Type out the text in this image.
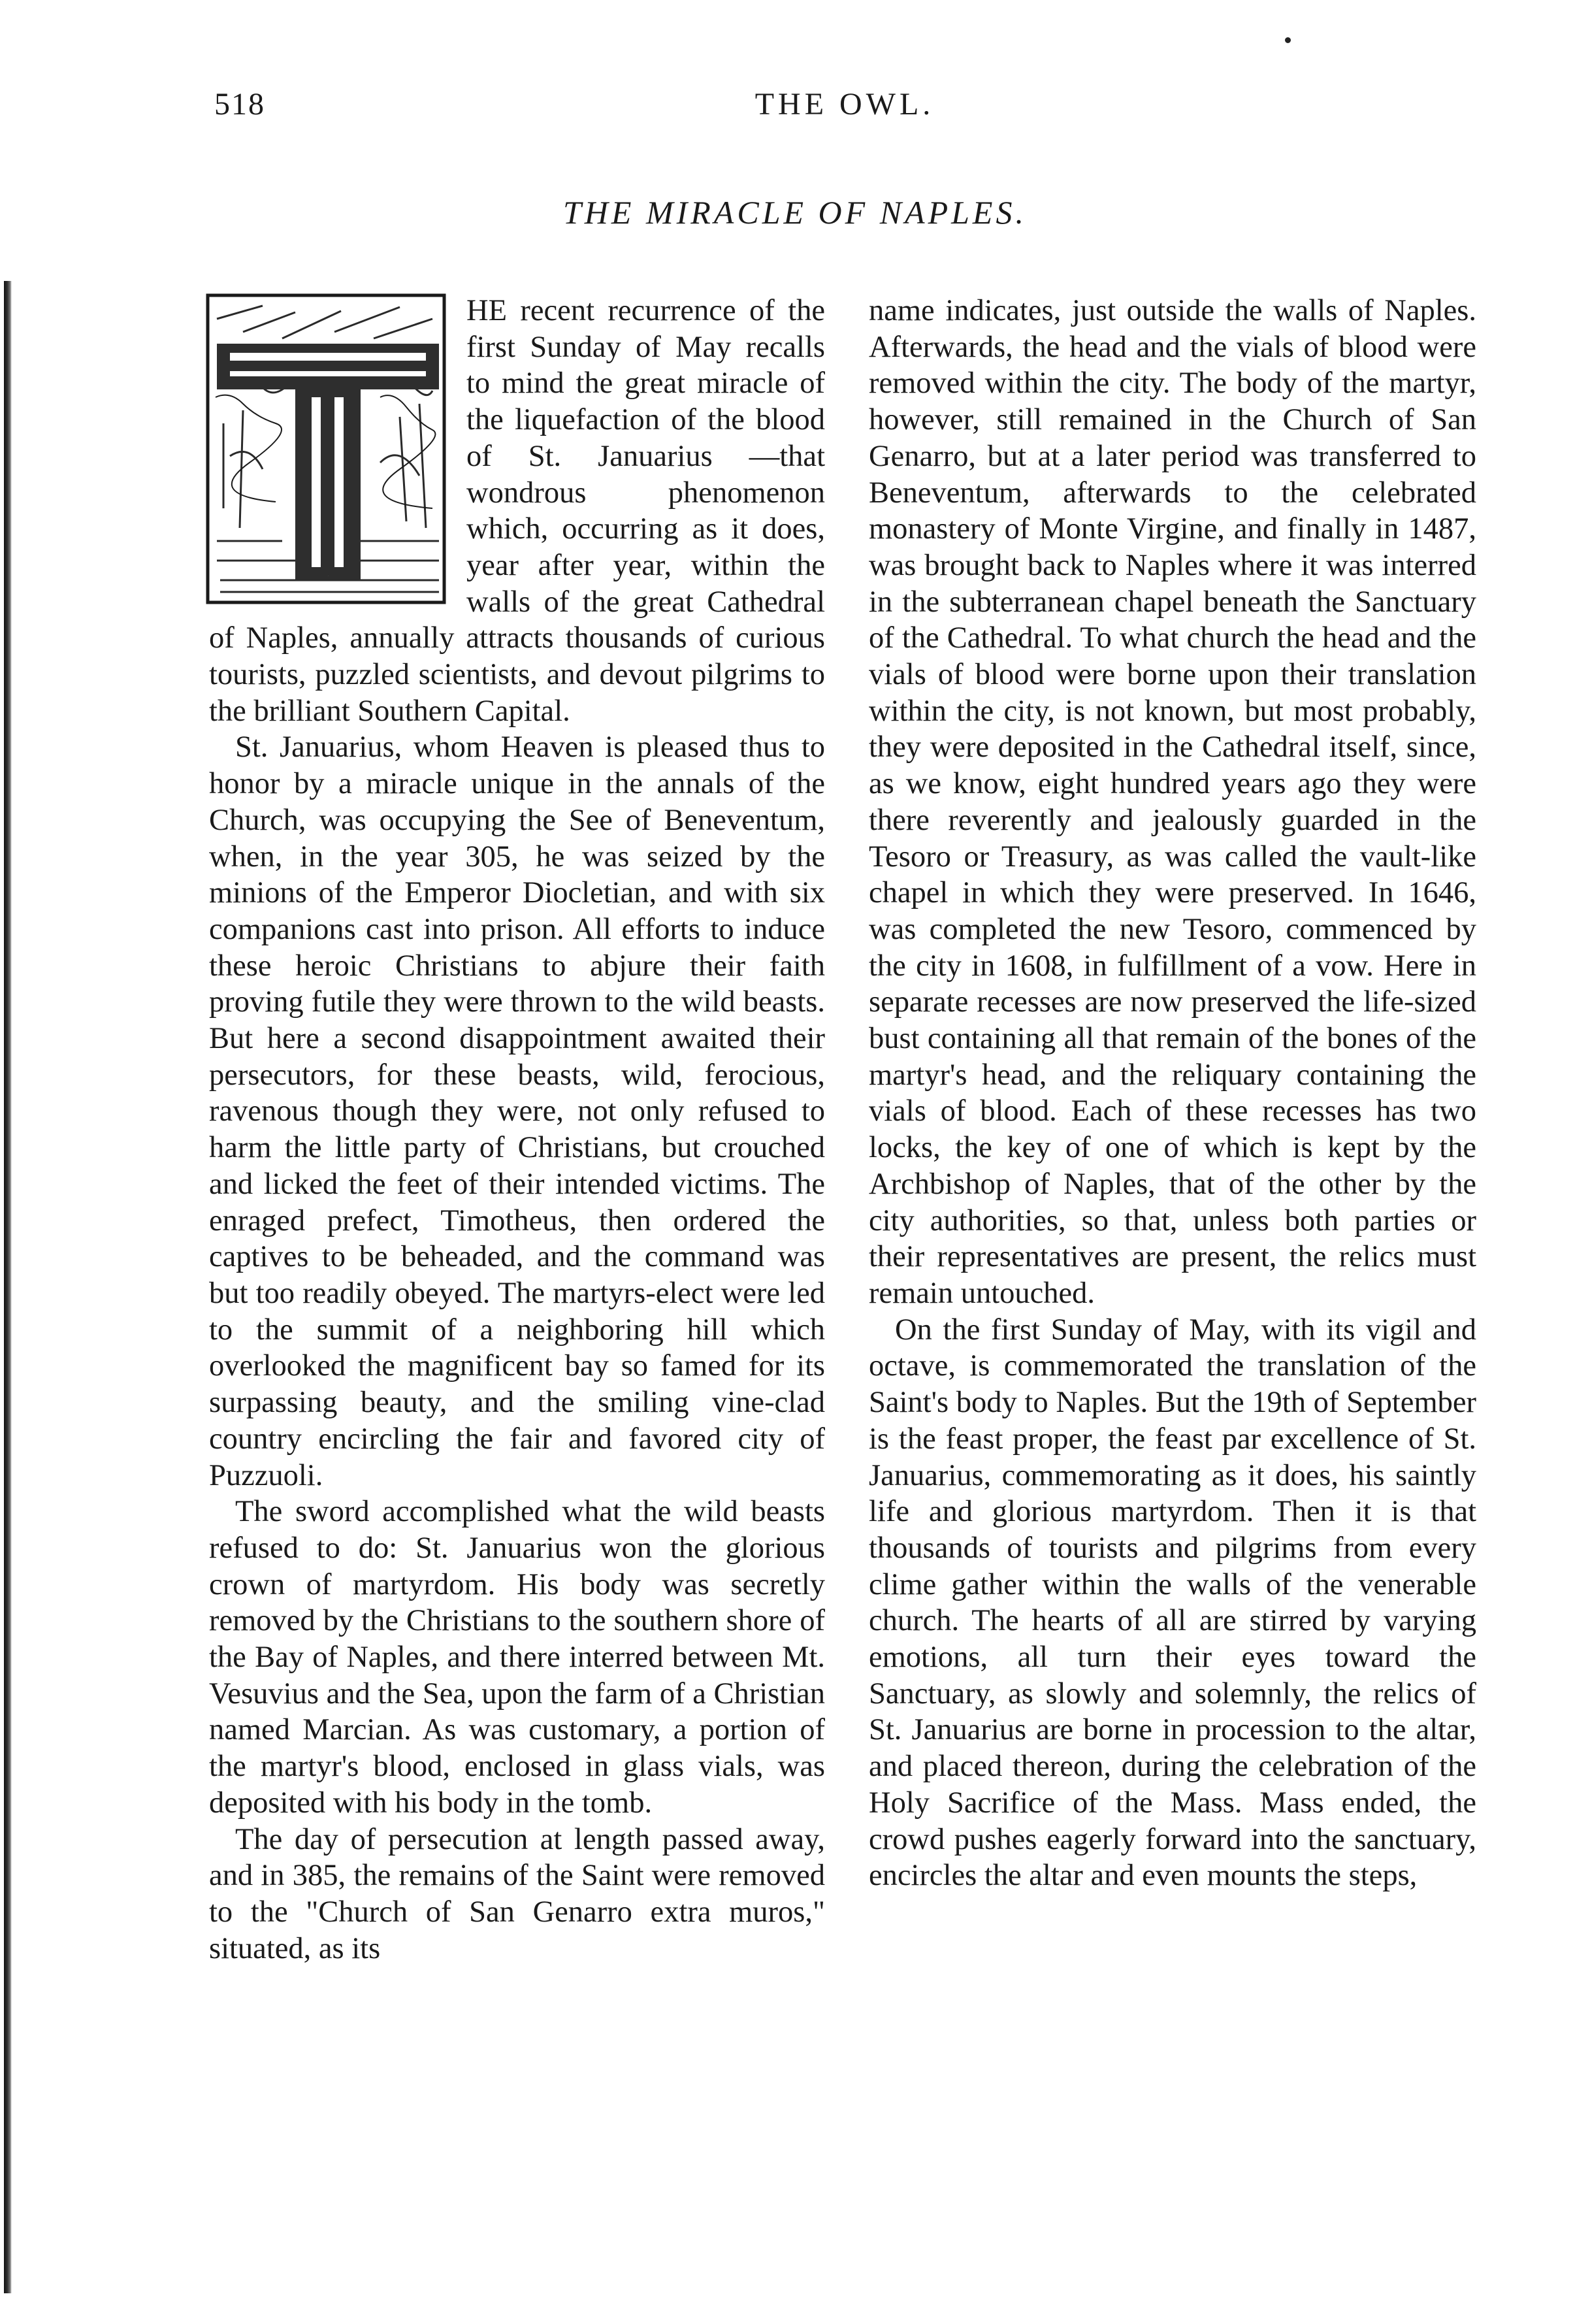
518	THE OWL.
THE MIRACLE OF NAPLES.
T

HE recent recurrence of the first Sunday of May recalls to mind the great miracle of the liquefaction of the blood of St. Januarius —that wondrous phenomenon which, occurring as it does, year after year, within the walls of the great Cathedral of Naples, annually attracts thousands of curious tourists, puzzled scientists, and devout pilgrims to the brilliant Southern Capital.

St. Januarius, whom Heaven is pleased thus to honor by a miracle unique in the annals of the Church, was occupying the See of Beneventum, when, in the year 305, he was seized by the minions of the Emperor Diocletian, and with six companions cast into prison. All efforts to induce these heroic Christians to abjure their faith proving futile they were thrown to the wild beasts. But here a second disappointment awaited their persecutors, for these beasts, wild, ferocious, ravenous though they were, not only refused to harm the little party of Christians, but crouched and licked the feet of their intended victims. The enraged prefect, Timotheus, then ordered the captives to be beheaded, and the command was but too readily obeyed. The martyrs-elect were led to the summit of a neighboring hill which overlooked the magnificent bay so famed for its surpassing beauty, and the smiling vine-clad country encircling the fair and favored city of Puzzuoli.

The sword accomplished what the wild beasts refused to do: St. Januarius won the glorious crown of martyrdom. His body was secretly removed by the Christians to the southern shore of the Bay of Naples, and there interred between Mt. Vesuvius and the Sea, upon the farm of a Christian named Marcian. As was customary, a portion of the martyr's blood, enclosed in glass vials, was deposited with his body in the tomb.

The day of persecution at length passed away, and in 385, the remains of the Saint were removed to the "Church of San Genarro extra muros," situated, as its

name indicates, just outside the walls of Naples. Afterwards, the head and the vials of blood were removed within the city. The body of the martyr, however, still remained in the Church of San Genarro, but at a later period was transferred to Beneventum, afterwards to the celebrated monastery of Monte Virgine, and finally in 1487, was brought back to Naples where it was interred in the subterranean chapel beneath the Sanctuary of the Cathedral. To what church the head and the vials of blood were borne upon their translation within the city, is not known, but most probably, they were deposited in the Cathedral itself, since, as we know, eight hundred years ago they were there reverently and jealously guarded in the Tesoro or Treasury, as was called the vault-like chapel in which they were preserved. In 1646, was completed the new Tesoro, commenced by the city in 1608, in fulfillment of a vow. Here in separate recesses are now preserved the life-sized bust containing all that remain of the bones of the martyr's head, and the reliquary containing the vials of blood. Each of these recesses has two locks, the key of one of which is kept by the Archbishop of Naples, that of the other by the city authorities, so that, unless both parties or their representatives are present, the relics must remain untouched.

On the first Sunday of May, with its vigil and octave, is commemorated the translation of the Saint's body to Naples. But the 19th of September is the feast proper, the feast par excellence of St. Januarius, commemorating as it does, his saintly life and glorious martyrdom. Then it is that thousands of tourists and pilgrims from every clime gather within the walls of the venerable church. The hearts of all are stirred by varying emotions, all turn their eyes toward the Sanctuary, as slowly and solemnly, the relics of St. Januarius are borne in procession to the altar, and placed thereon, during the celebration of the Holy Sacrifice of the Mass. Mass ended, the crowd pushes eagerly forward into the sanctuary, encircles the altar and even mounts the steps,
